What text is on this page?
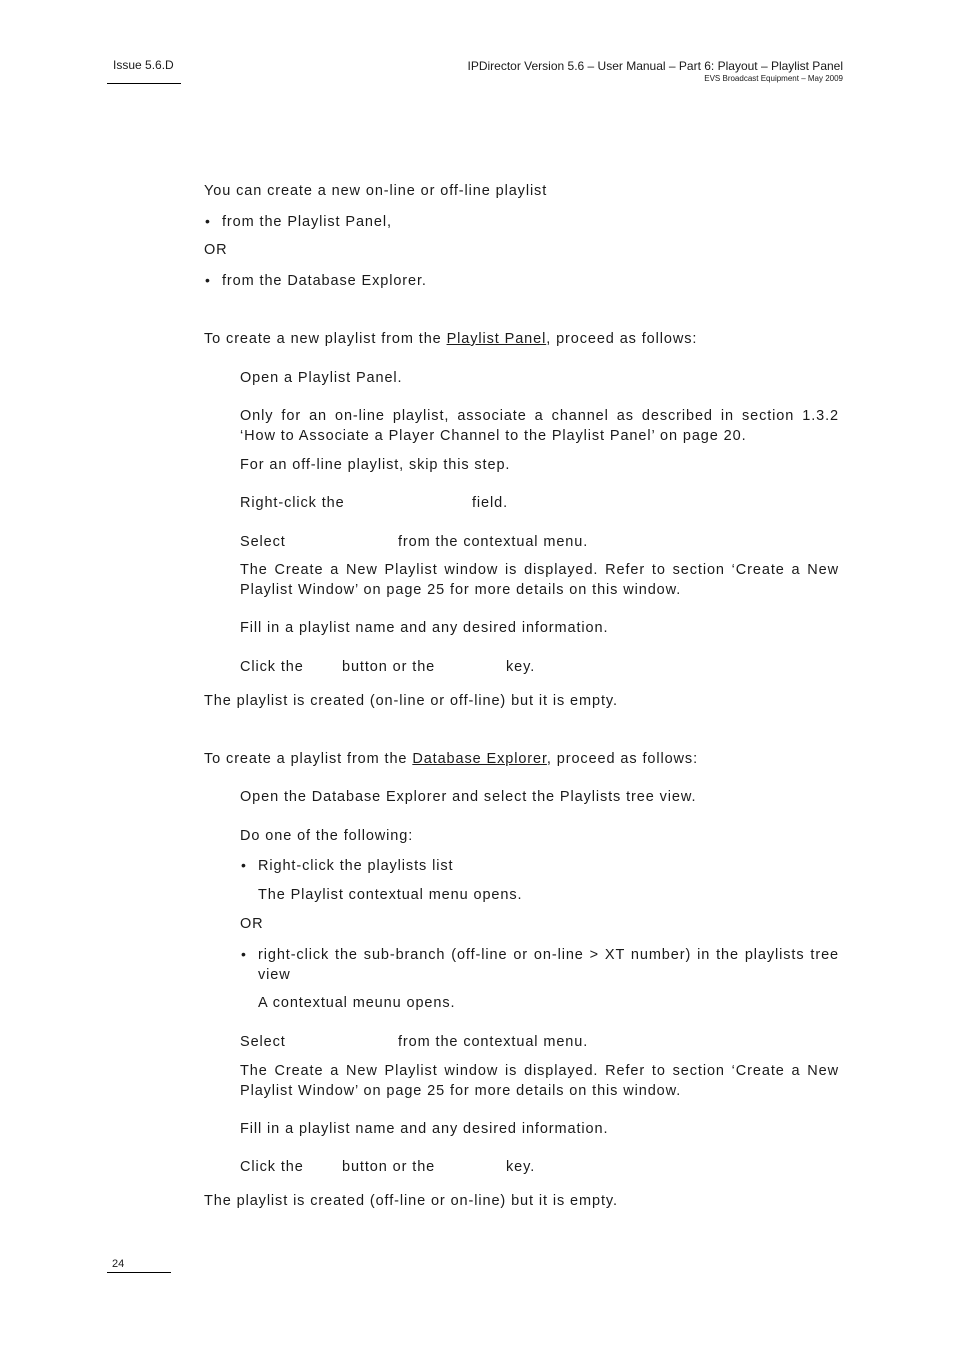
Issue 5.6.D	IPDirector Version 5.6 – User Manual – Part 6: Playout – Playlist Panel
EVS Broadcast Equipment – May 2009
You can create a new on-line or off-line playlist
• from the Playlist Panel,
OR
• from the Database Explorer.
To create a new playlist from the Playlist Panel, proceed as follows:
Open a Playlist Panel.
Only for an on-line playlist, associate a channel as described in section 1.3.2 ‘How to Associate a Player Channel to the Playlist Panel’ on page 20.
For an off-line playlist, skip this step.
Right-click the	field.
Select	from the contextual menu.
The Create a New Playlist window is displayed. Refer to section ‘Create a New Playlist Window’ on page 25 for more details on this window.
Fill in a playlist name and any desired information.
Click the	button or the	key.
The playlist is created (on-line or off-line) but it is empty.
To create a playlist from the Database Explorer, proceed as follows:
Open the Database Explorer and select the Playlists tree view.
Do one of the following:
• Right-click the playlists list
The Playlist contextual menu opens.
OR
• right-click the sub-branch (off-line or on-line > XT number) in the playlists tree view
A contextual meunu opens.
Select	from the contextual menu.
The Create a New Playlist window is displayed. Refer to section ‘Create a New Playlist Window’ on page 25 for more details on this window.
Fill in a playlist name and any desired information.
Click the	button or the	key.
The playlist is created (off-line or on-line) but it is empty.
24
